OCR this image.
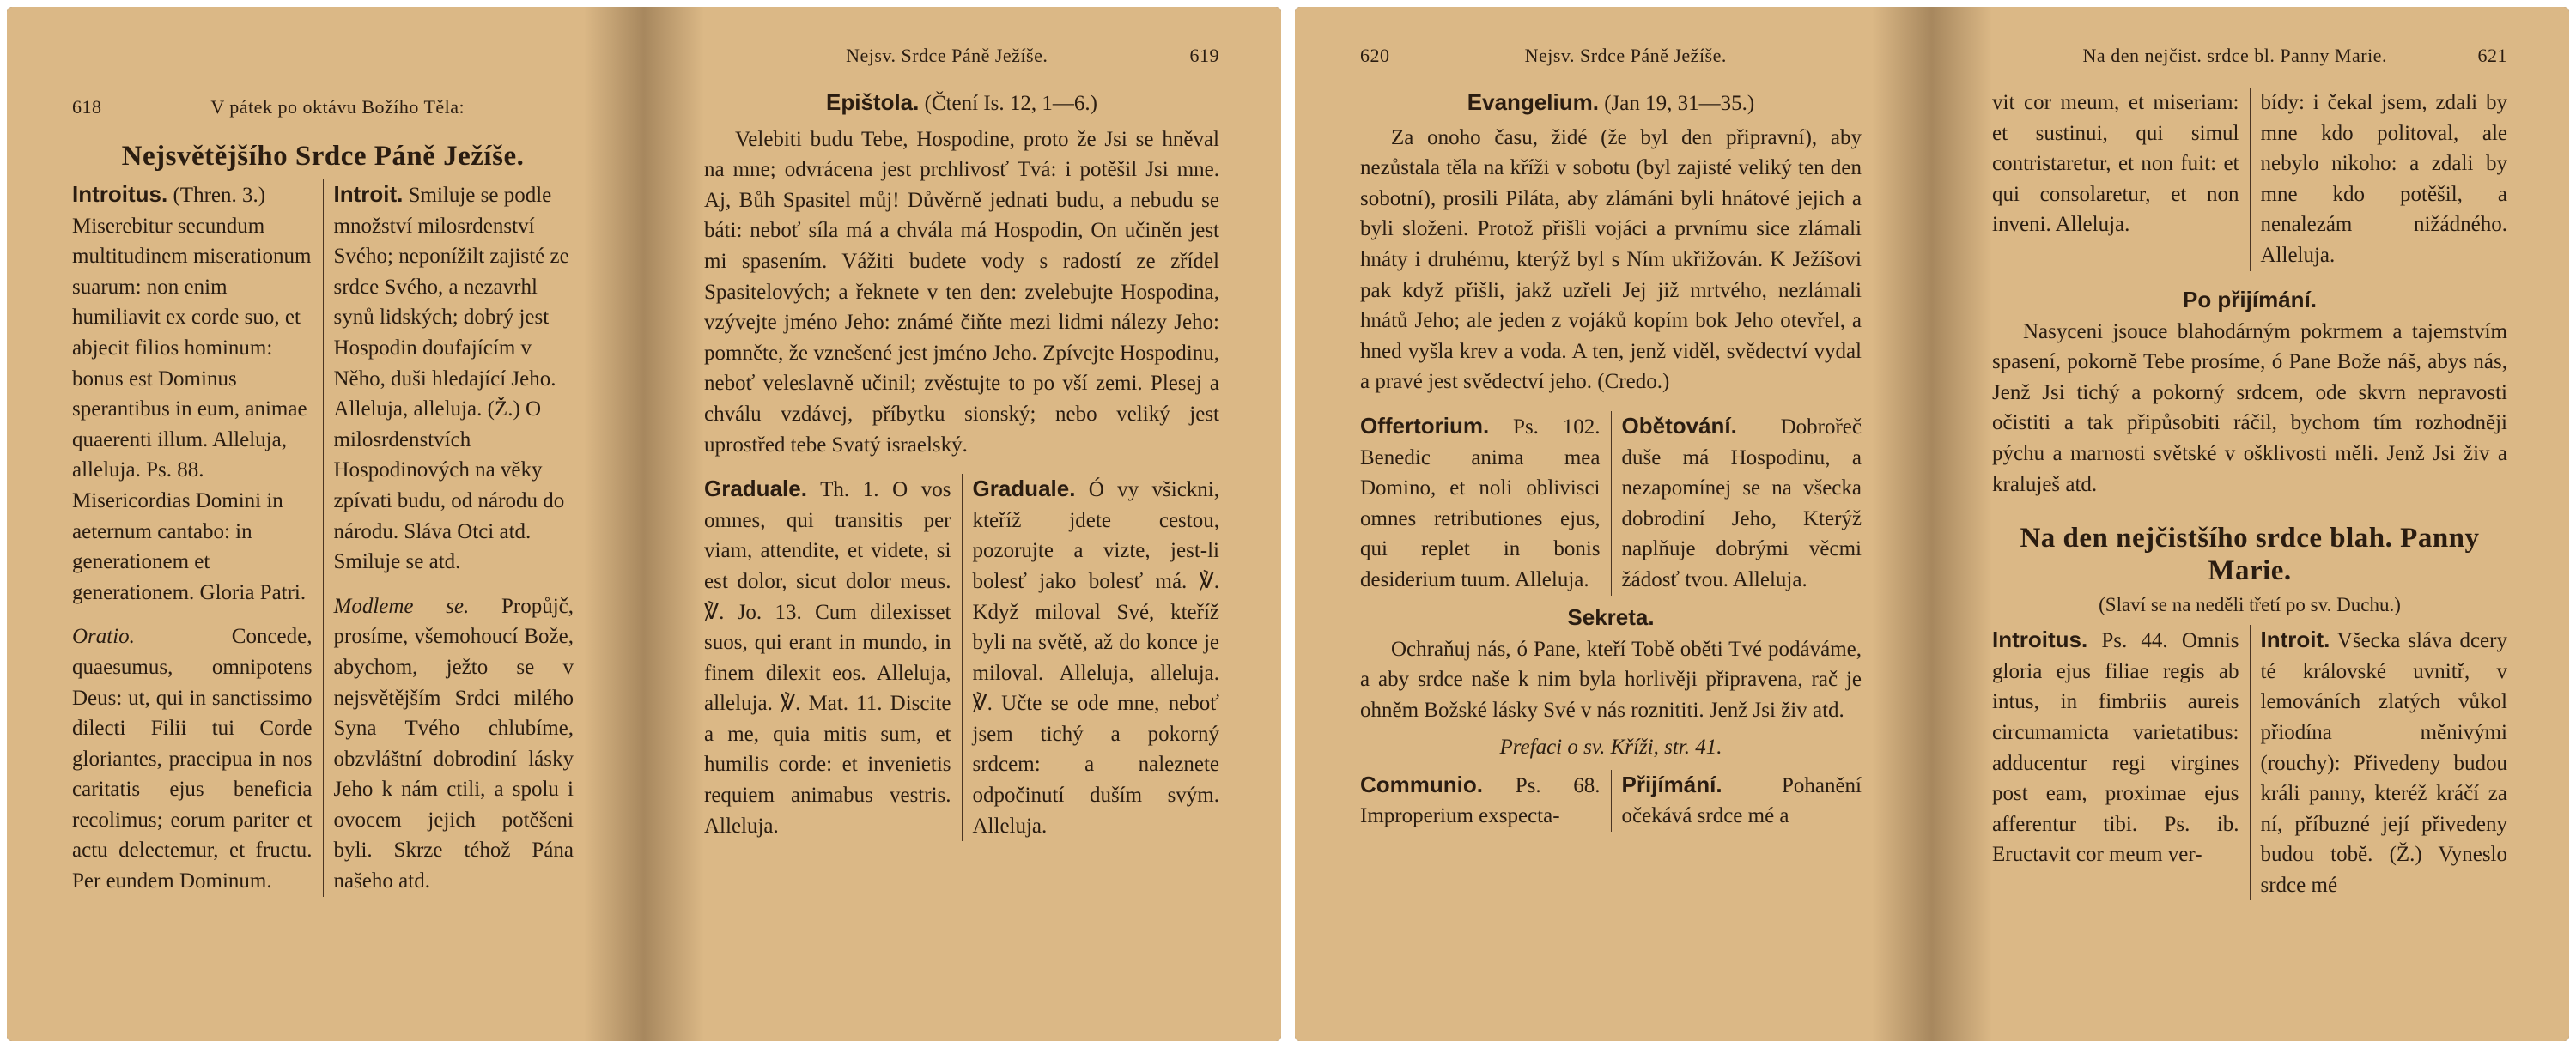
618	V pátek po oktávu Božího Těla:
Nejsvětějšího Srdce Páně Ježíše.
Introitus. (Thren. 3.) Miserebitur secundum multitudinem miserationum suarum: non enim humiliavit ex corde suo, et abjecit filios hominum: bonus est Dominus sperantibus in eum, animae quaerenti illum. Alleluja, alleluja. Ps. 88. Misericordias Domini in aeternum cantabo: in generationem et generationem. Gloria Patri.
Oratio.	Concede, quaesumus, omnipotens Deus: ut, qui in sanctissimo dilecti Filii tui Corde gloriantes, praecipua in nos caritatis ejus beneficia recolimus; eorum pariter et actu delectemur, et fructu. Per eundem Dominum.
Introit. Smiluje se podle množství milosrdenství Svého; neponížilt zajisté ze srdce Svého, a nezavrhl synů lidských; dobrý jest Hospodin doufajícím v Něho, duši hledající Jeho. Alleluja, alleluja. (Ž.) O milosrdenstvích Hospodinových na věky zpívati budu, od národu do národu. Sláva Otci atd. Smiluje se atd.
Modleme se. Propůjč, prosíme, všemohoucí Bože, abychom, ježto se v nejsvětějším Srdci milého Syna Tvého chlubíme, obzvláštní dobrodiní lásky Jeho k nám ctili, a spolu i ovocem jejich potěšeni byli. Skrze téhož Pána našeho atd.
Nejsv. Srdce Páně Ježíše.	619
Epištola. (Čtení Is. 12, 1—6.)
Velebiti budu Tebe, Hospodine, proto že Jsi se hněval na mne; odvrácena jest prchlivosť Tvá: i potěšil Jsi mne. Aj, Bůh Spasitel můj! Důvěrně jednati budu, a nebudu se báti: neboť síla má a chvála má Hospodin, On učiněn jest mi spasením. Vážiti budete vody s radostí ze zřídel Spasitelových; a řeknete v ten den: zvelebujte Hospodina, vzývejte jméno Jeho: známé čiňte mezi lidmi nálezy Jeho: pomněte, že vznešené jest jméno Jeho. Zpívejte Hospodinu, neboť veleslavně učinil; zvěstujte to po vší zemi. Plesej a chválu vzdávej, příbytku sionský; nebo veliký jest uprostřed tebe Svatý israelský.
Graduale. Th. 1. O vos omnes, qui transitis per viam, attendite, et videte, si est dolor, sicut dolor meus. ℣. Jo. 13. Cum dilexisset suos, qui erant in mundo, in finem dilexit eos. Alleluja, alleluja. ℣. Mat. 11. Discite a me, quia mitis sum, et humilis corde: et invenietis requiem animabus vestris. Alleluja.
Graduale. Ó vy všickni, kteříž jdete cestou, pozorujte a vizte, jest-li bolesť jako bolesť má. ℣. Když miloval Své, kteříž byli na světě, až do konce je miloval. Alleluja, alleluja. ℣. Učte se ode mne, neboť jsem tichý a pokorný srdcem: a naleznete odpočinutí duším svým. Alleluja.
620	Nejsv. Srdce Páně Ježíše.
Evangelium. (Jan 19, 31—35.)
Za onoho času, židé (že byl den připravní), aby nezůstala těla na kříži v sobotu (byl zajisté veliký ten den sobotní), prosili Piláta, aby zlámáni byli hnátové jejich a byli složeni. Protož přišli vojáci a prvnímu sice zlámali hnáty i druhému, kterýž byl s Ním ukřižován. K Ježíšovi pak když přišli, jakž uzřeli Jej již mrtvého, nezlámali hnátů Jeho; ale jeden z vojáků kopím bok Jeho otevřel, a hned vyšla krev a voda. A ten, jenž viděl, svědectví vydal a pravé jest svědectví jeho. (Credo.)
Offertorium. Ps. 102. Benedic anima mea Domino, et noli oblivisci omnes retributiones ejus, qui replet in bonis desiderium tuum. Alleluja.
Obětování. Dobrořeč duše má Hospodinu, a nezapomínej se na všecka dobrodiní Jeho, Kterýž naplňuje dobrými věcmi žádosť tvou. Alleluja.
Sekreta.
Ochraňuj nás, ó Pane, kteří Tobě oběti Tvé podáváme, a aby srdce naše k nim byla horlivěji připravena, rač je ohněm Božské lásky Své v nás roznititi. Jenž Jsi živ atd.
Prefaci o sv. Kříži, str. 41.
Communio. Ps. 68. Improperium exspecta-
Přijímání.	Pohanění očekává srdce mé a
Na den nejčist. srdce bl. Panny Marie.	621
vit cor meum, et miseriam: et sustinui, qui simul contristaretur, et non fuit: et qui consolaretur, et non inveni. Alleluja.
bídy: i čekal jsem, zdali by mne kdo politoval, ale nebylo nikoho: a zdali by mne kdo potěšil, a nenalezám nižádného. Alleluja.
Po přijímání.
Nasyceni jsouce blahodárným pokrmem a tajemstvím spasení, pokorně Tebe prosíme, ó Pane Bože náš, abys nás, Jenž Jsi tichý a pokorný srdcem, ode skvrn nepravosti očistiti a tak připůsobiti ráčil, bychom tím rozhodněji pýchu a marnosti světské v ošklivosti měli. Jenž Jsi živ a kraluješ atd.
Na den nejčistšího srdce blah. Panny Marie.
(Slaví se na neděli třetí po sv. Duchu.)
Introitus. Ps. 44. Omnis gloria ejus filiae regis ab intus, in fimbriis aureis circumamicta varietatibus: adducentur regi virgines post eam, proximae ejus afferentur tibi. Ps. ib. Eructavit cor meum ver-
Introit. Všecka sláva dcery té královské uvnitř, v lemováních zlatých vůkol přiodína měnivými (rouchy): Přivedeny budou králi panny, kteréž kráčí za ní, příbuzné její přivedeny budou tobě. (Ž.) Vyneslo srdce mé
